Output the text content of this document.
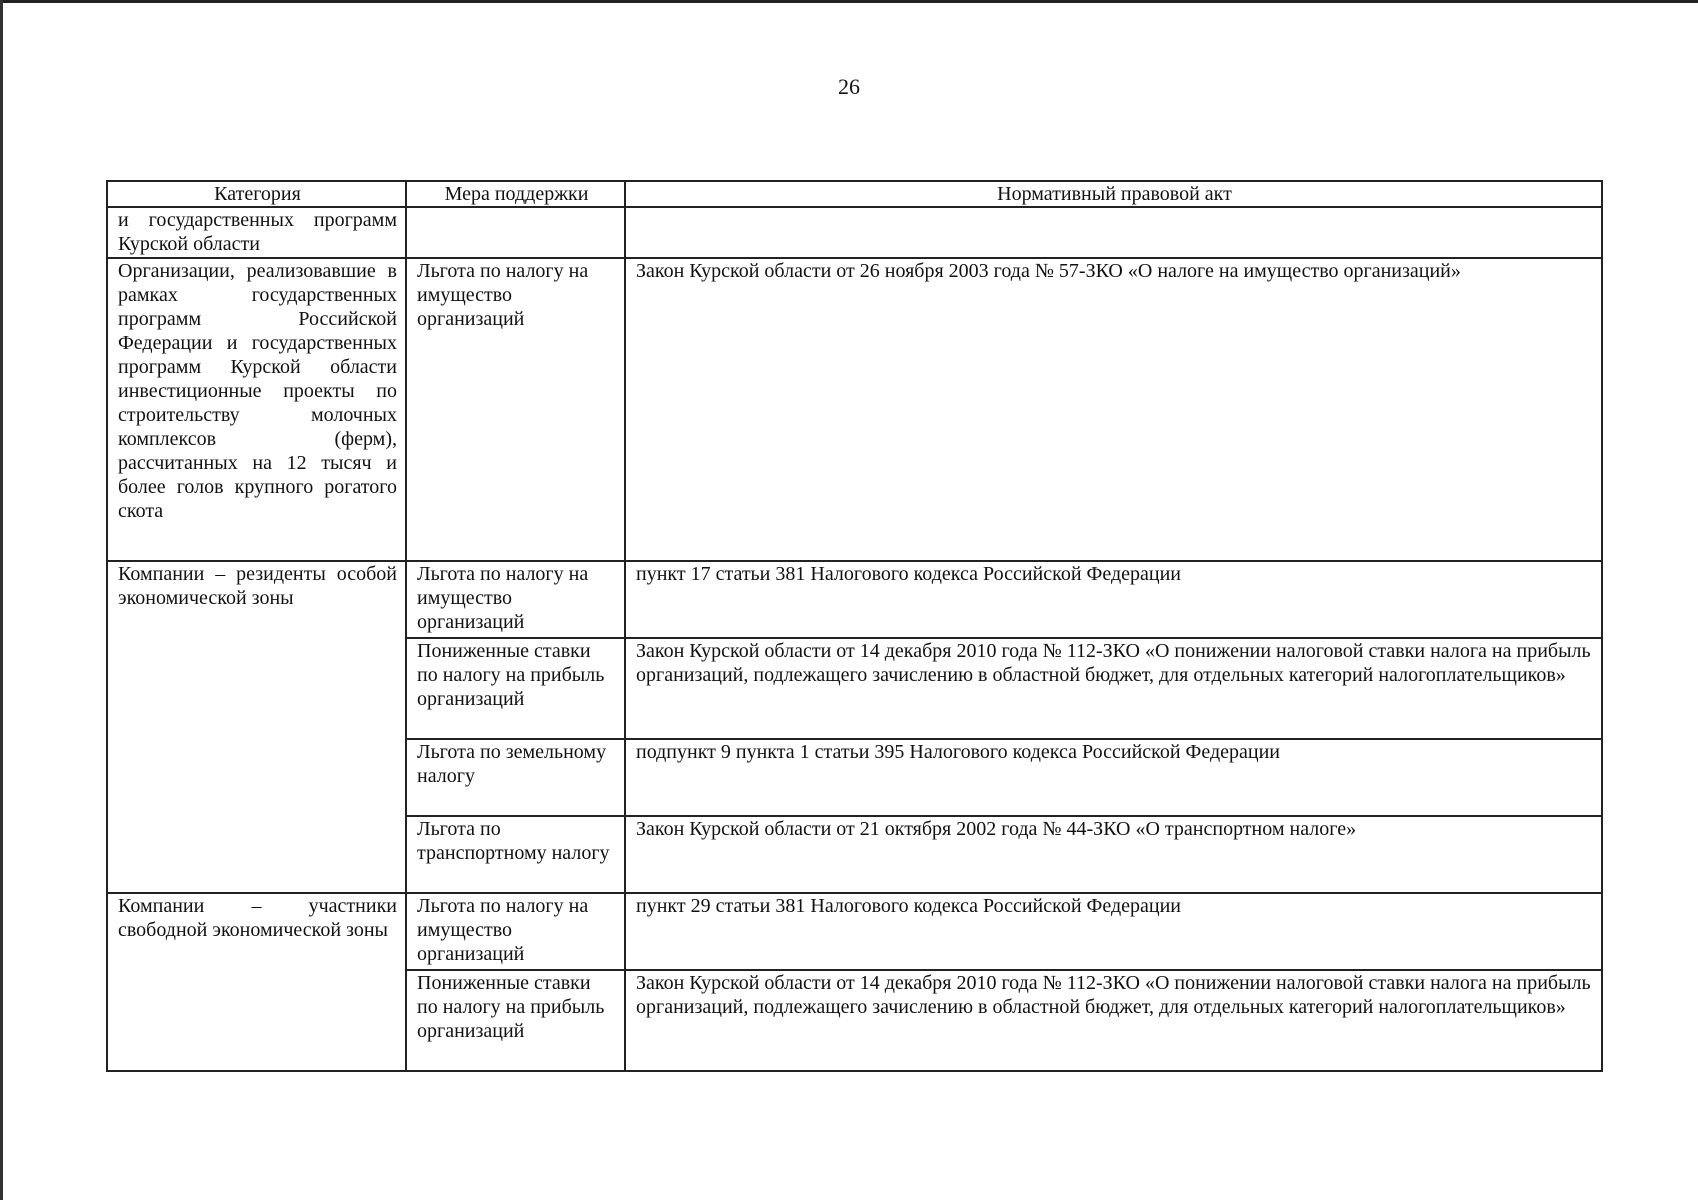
26
Категория	Мера поддержки	Нормативный правовой акт
и государственных программ Курской области		
Организации, реализовавшие в рамках государственных программ Российской Федерации и государственных программ Курской области инвестиционные проекты по строительству молочных комплексов (ферм), рассчитанных на 12 тысяч и более голов крупного рогатого скота	Льгота по налогу на имущество организаций	Закон Курской области от 26 ноября 2003 года № 57-ЗКО «О налоге на имущество организаций»
Компании – резиденты особой экономической зоны	Льгота по налогу на имущество организаций	пункт 17 статьи 381 Налогового кодекса Российской Федерации
	Пониженные ставки по налогу на прибыль организаций	Закон Курской области от 14 декабря 2010 года № 112-ЗКО «О понижении налоговой ставки налога на прибыль организаций, подлежащего зачислению в областной бюджет, для отдельных категорий налогоплательщиков»
	Льгота по земельному налогу	подпункт 9 пункта 1 статьи 395 Налогового кодекса Российской Федерации
	Льгота по транспортному налогу	Закон Курской области от 21 октября 2002 года № 44-ЗКО «О транспортном налоге»
Компании – участники свободной экономической зоны	Льгота по налогу на имущество организаций	пункт 29 статьи 381 Налогового кодекса Российской Федерации
	Пониженные ставки по налогу на прибыль организаций	Закон Курской области от 14 декабря 2010 года № 112-ЗКО «О понижении налоговой ставки налога на прибыль организаций, подлежащего зачислению в областной бюджет, для отдельных категорий налогоплательщиков»
